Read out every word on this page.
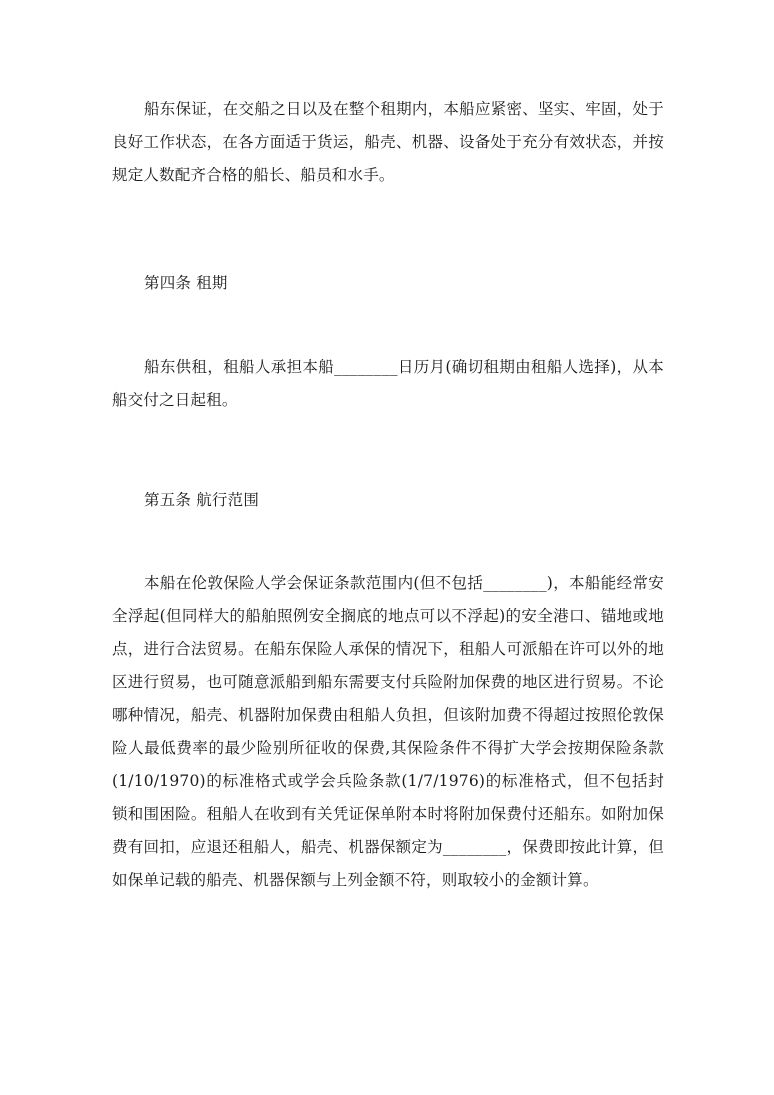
船东保证，在交船之日以及在整个租期内，本船应紧密、坚实、牢固，处于良好工作状态，在各方面适于货运，船壳、机器、设备处于充分有效状态，并按规定人数配齐合格的船长、船员和水手。

第四条 租期

船东供租，租船人承担本船________日历月(确切租期由租船人选择)，从本船交付之日起租。

第五条 航行范围

本船在伦敦保险人学会保证条款范围内(但不包括________)，本船能经常安全浮起(但同样大的船舶照例安全搁底的地点可以不浮起)的安全港口、锚地或地点，进行合法贸易。在船东保险人承保的情况下，租船人可派船在许可以外的地区进行贸易，也可随意派船到船东需要支付兵险附加保费的地区进行贸易。不论哪种情况，船壳、机器附加保费由租船人负担，但该附加费不得超过按照伦敦保险人最低费率的最少险别所征收的保费,其保险条件不得扩大学会按期保险条款(1/10/1970)的标准格式或学会兵险条款(1/7/1976)的标准格式，但不包括封锁和围困险。租船人在收到有关凭证保单附本时将附加保费付还船东。如附加保费有回扣，应退还租船人，船壳、机器保额定为________，保费即按此计算，但如保单记载的船壳、机器保额与上列金额不符，则取较小的金额计算。
